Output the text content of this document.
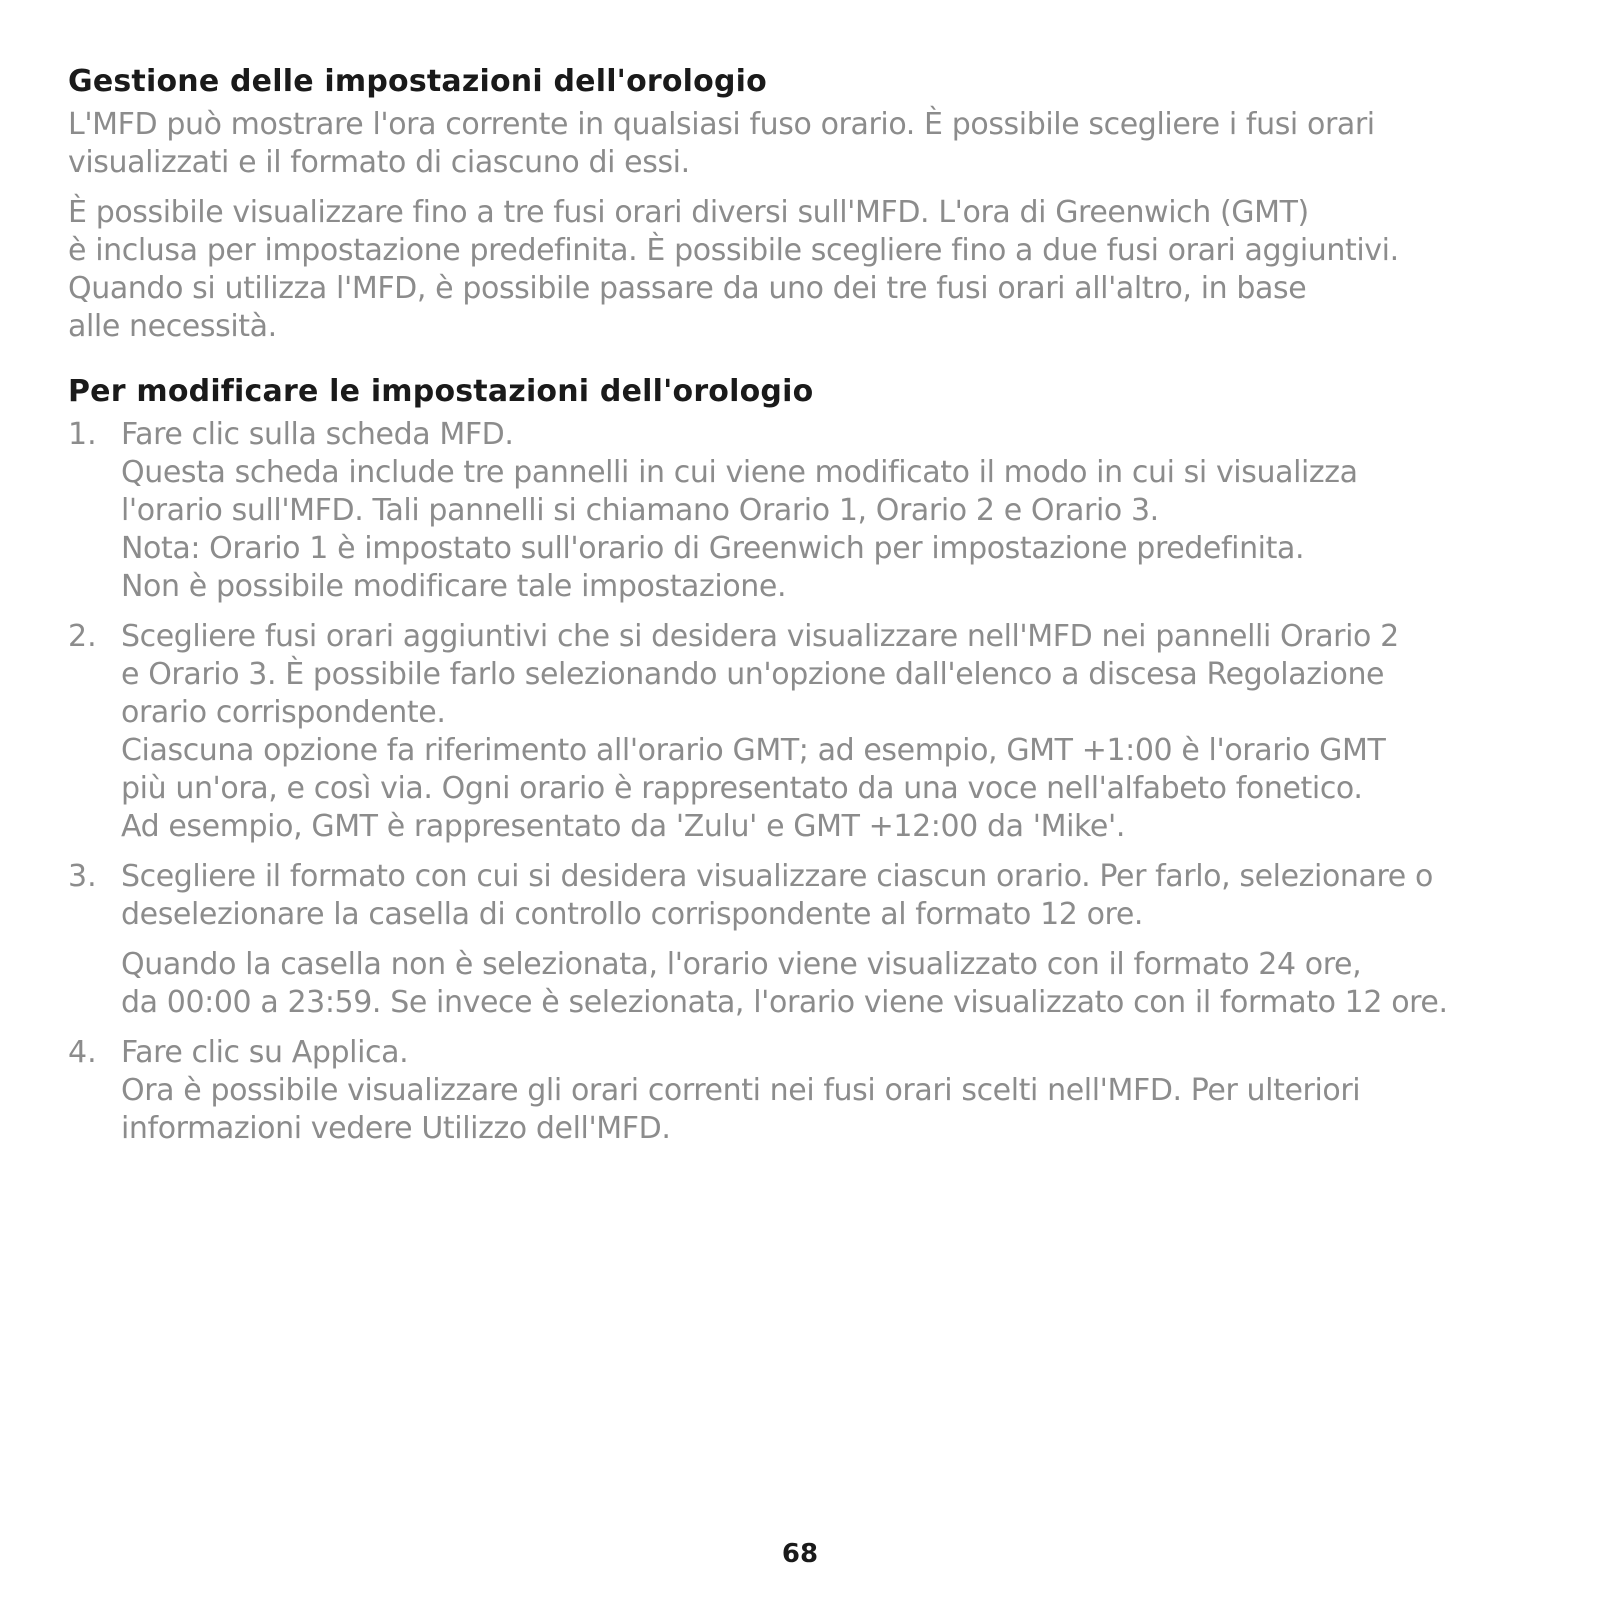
Gestione delle impostazioni dell'orologio

L'MFD può mostrare l'ora corrente in qualsiasi fuso orario. È possibile scegliere i fusi orari
visualizzati e il formato di ciascuno di essi.

È possibile visualizzare fino a tre fusi orari diversi sull'MFD. L'ora di Greenwich (GMT)
è inclusa per impostazione predefinita. È possibile scegliere fino a due fusi orari aggiuntivi.
Quando si utilizza l'MFD, è possibile passare da uno dei tre fusi orari all'altro, in base
alle necessità.

Per modificare le impostazioni dell'orologio
1. Fare clic sulla scheda MFD.
Questa scheda include tre pannelli in cui viene modificato il modo in cui si visualizza
l'orario sull'MFD. Tali pannelli si chiamano Orario 1, Orario 2 e Orario 3.
Nota: Orario 1 è impostato sull'orario di Greenwich per impostazione predefinita.
Non è possibile modificare tale impostazione.

2. Scegliere fusi orari aggiuntivi che si desidera visualizzare nell'MFD nei pannelli Orario 2
e Orario 3. È possibile farlo selezionando un'opzione dall'elenco a discesa Regolazione
orario corrispondente.
Ciascuna opzione fa riferimento all'orario GMT; ad esempio, GMT +1:00 è l'orario GMT
più un'ora, e così via. Ogni orario è rappresentato da una voce nell'alfabeto fonetico.
Ad esempio, GMT è rappresentato da 'Zulu' e GMT +12:00 da 'Mike'.

3. Scegliere il formato con cui si desidera visualizzare ciascun orario. Per farlo, selezionare o
deselezionare la casella di controllo corrispondente al formato 12 ore.

Quando la casella non è selezionata, l'orario viene visualizzato con il formato 24 ore,
da 00:00 a 23:59. Se invece è selezionata, l'orario viene visualizzato con il formato 12 ore.

4. Fare clic su Applica.
Ora è possibile visualizzare gli orari correnti nei fusi orari scelti nell'MFD. Per ulteriori
informazioni vedere Utilizzo dell'MFD.

68
